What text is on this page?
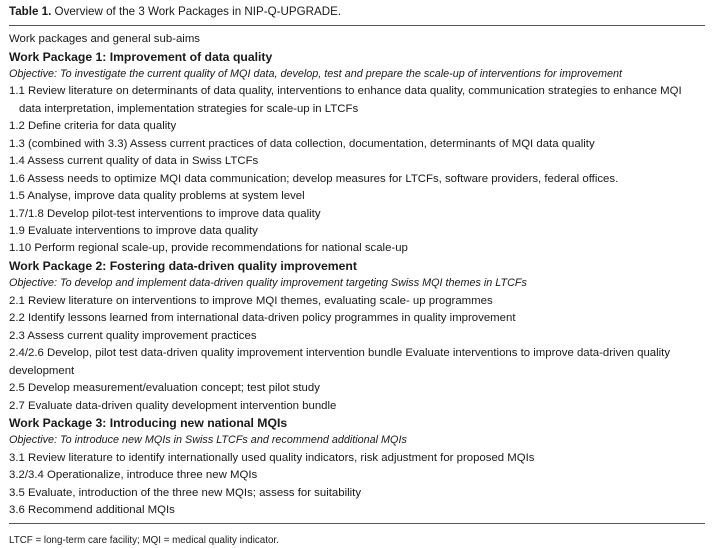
Table 1. Overview of the 3 Work Packages in NIP-Q-UPGRADE.
Work packages and general sub-aims
Work Package 1: Improvement of data quality
Objective: To investigate the current quality of MQI data, develop, test and prepare the scale-up of interventions for improvement
1.1 Review literature on determinants of data quality, interventions to enhance data quality, communication strategies to enhance MQI data interpretation, implementation strategies for scale-up in LTCFs
1.2 Define criteria for data quality
1.3 (combined with 3.3) Assess current practices of data collection, documentation, determinants of MQI data quality
1.4 Assess current quality of data in Swiss LTCFs
1.6 Assess needs to optimize MQI data communication; develop measures for LTCFs, software providers, federal offices.
1.5 Analyse, improve data quality problems at system level
1.7/1.8 Develop pilot-test interventions to improve data quality
1.9 Evaluate interventions to improve data quality
1.10 Perform regional scale-up, provide recommendations for national scale-up
Work Package 2: Fostering data-driven quality improvement
Objective: To develop and implement data-driven quality improvement targeting Swiss MQI themes in LTCFs
2.1 Review literature on interventions to improve MQI themes, evaluating scale- up programmes
2.2 Identify lessons learned from international data-driven policy programmes in quality improvement
2.3 Assess current quality improvement practices
2.4/2.6 Develop, pilot test data-driven quality improvement intervention bundle Evaluate interventions to improve data-driven quality development
2.5 Develop measurement/evaluation concept; test pilot study
2.7 Evaluate data-driven quality development intervention bundle
Work Package 3: Introducing new national MQIs
Objective: To introduce new MQIs in Swiss LTCFs and recommend additional MQIs
3.1 Review literature to identify internationally used quality indicators, risk adjustment for proposed MQIs
3.2/3.4 Operationalize, introduce three new MQIs
3.5 Evaluate, introduction of the three new MQIs; assess for suitability
3.6 Recommend additional MQIs
LTCF = long-term care facility; MQI = medical quality indicator.
